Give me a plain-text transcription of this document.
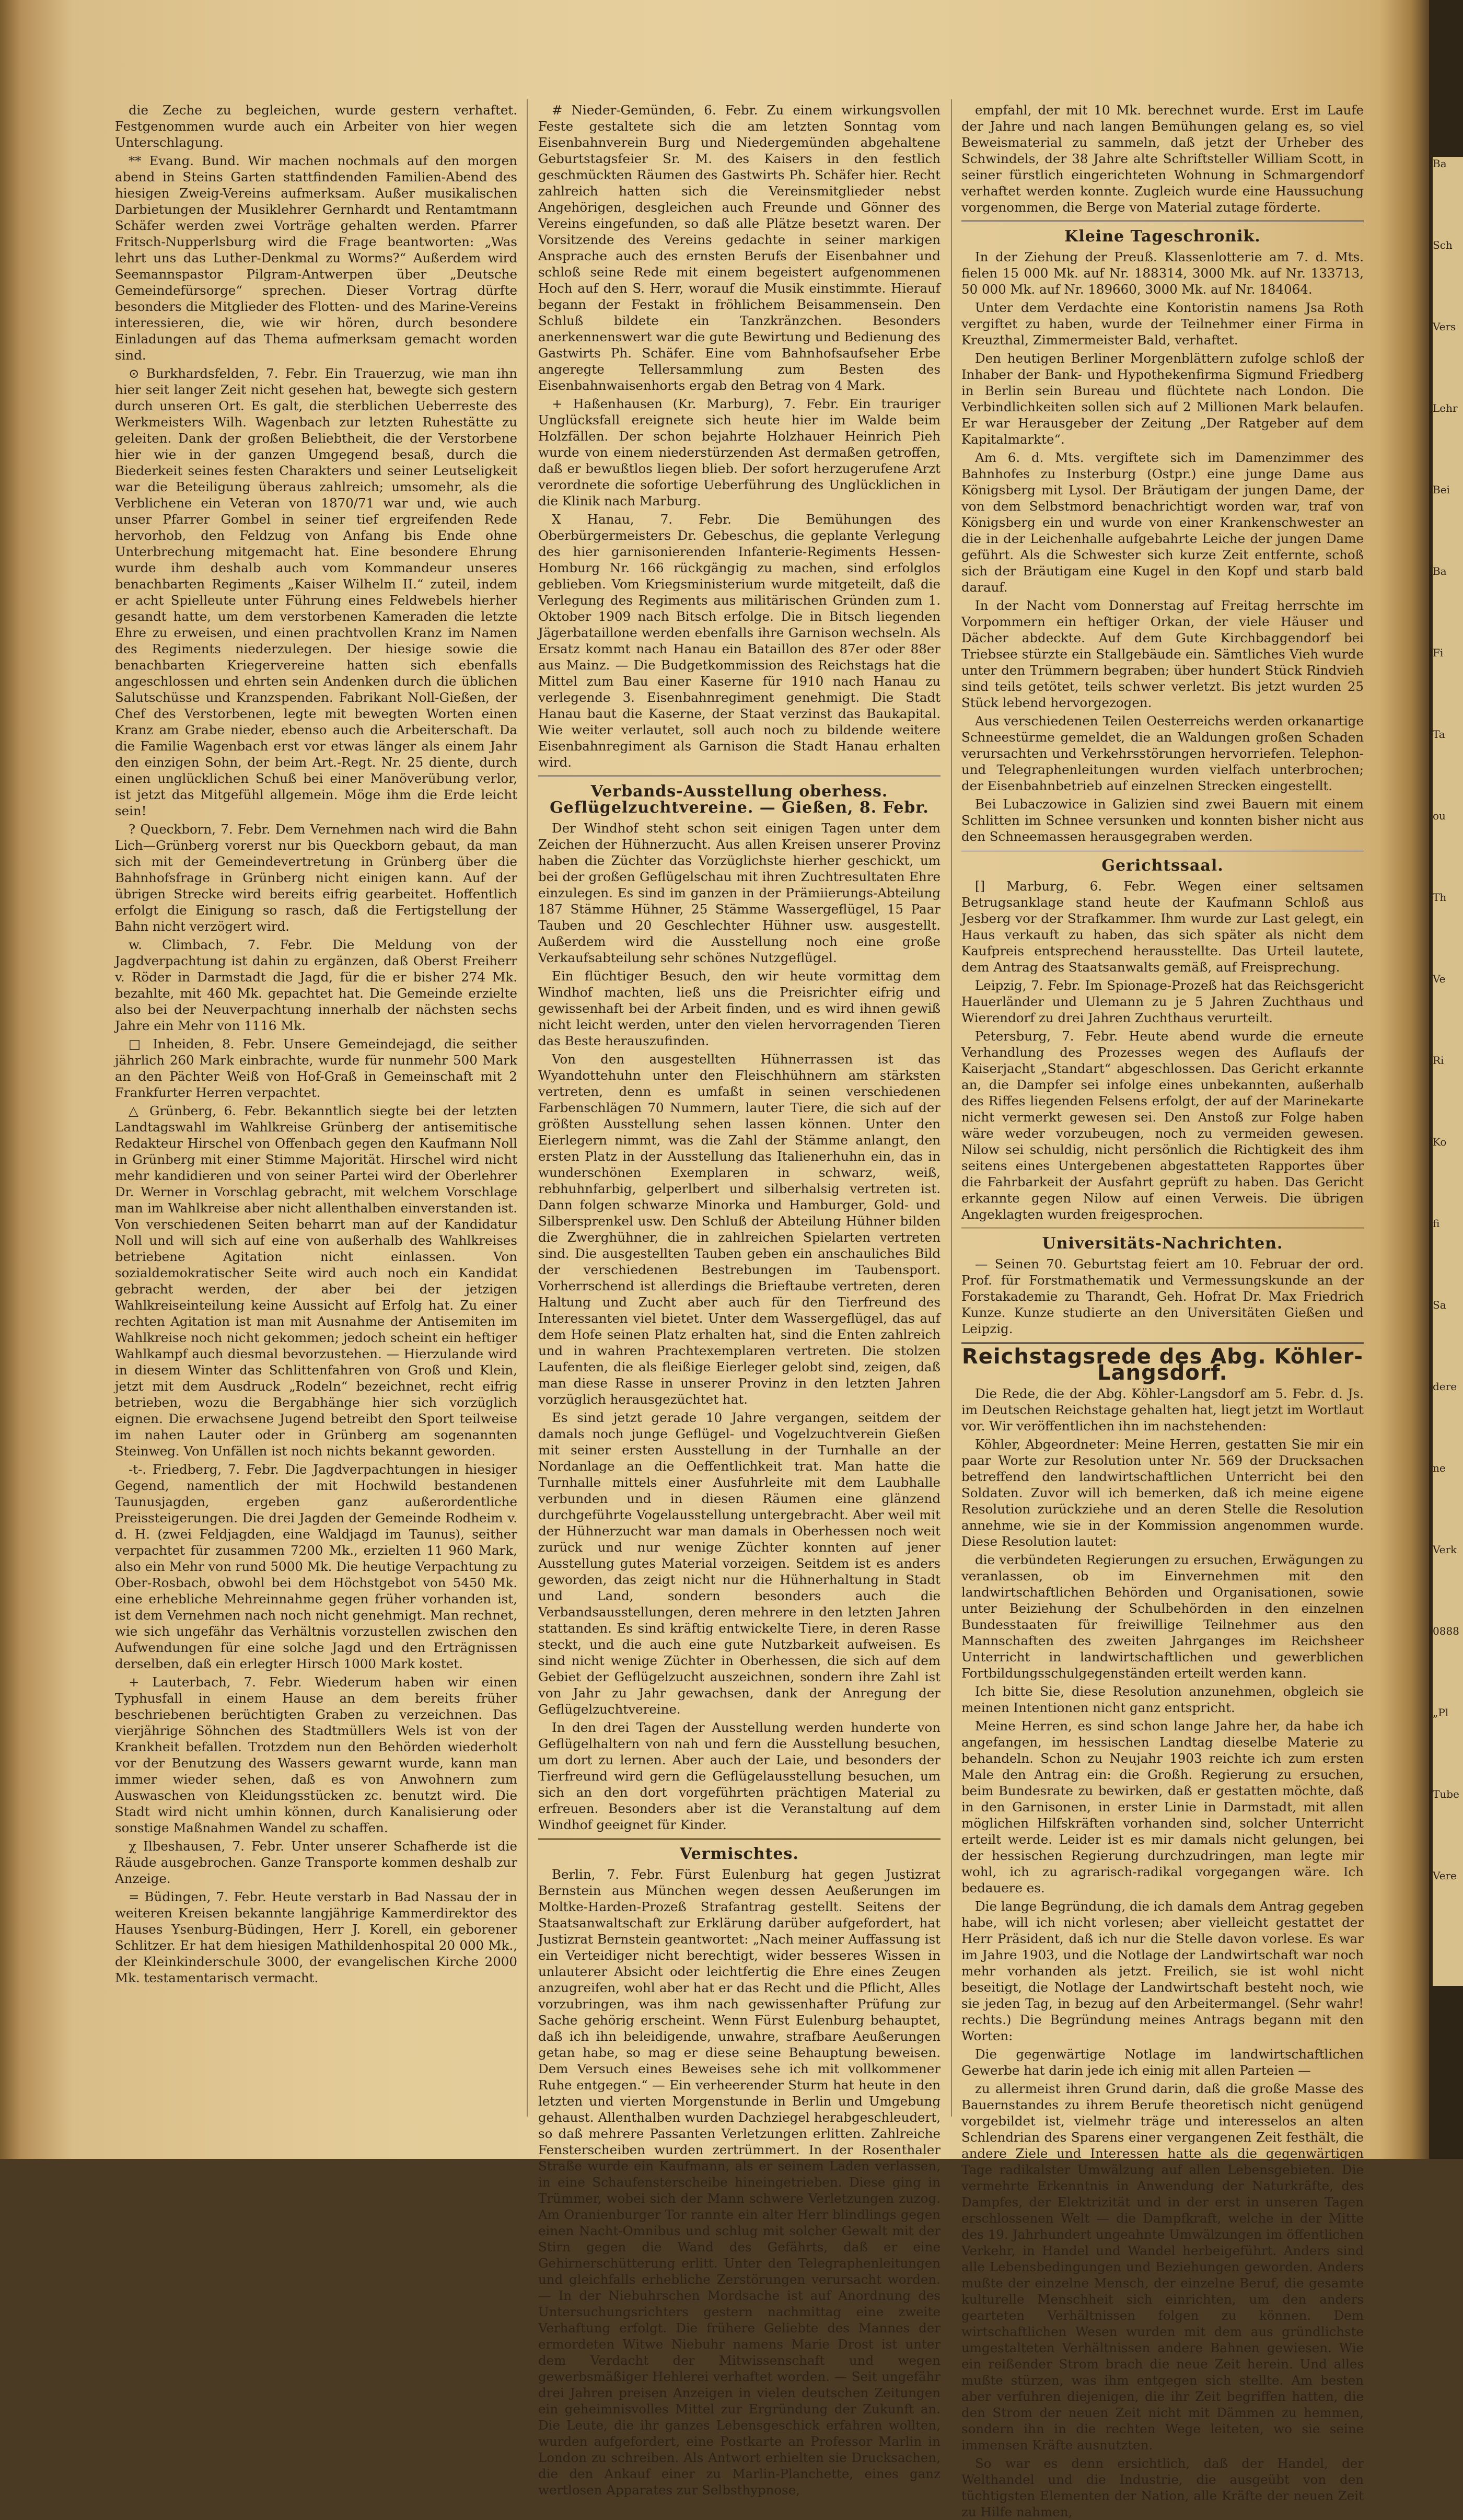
die Zeche zu begleichen, wurde gestern verhaftet. Festgenommen wurde auch ein Arbeiter von hier wegen Unterschlagung.

** Evang. Bund. Wir machen nochmals auf den morgen abend in Steins Garten stattfindenden Familien-Abend des hiesigen Zweig-Vereins aufmerksam. Außer musikalischen Darbietungen der Musiklehrer Gernhardt und Rentamtmann Schäfer werden zwei Vorträge gehalten werden. Pfarrer Fritsch-Nupperlsburg wird die Frage beantworten: „Was lehrt uns das Luther-Denkmal zu Worms?“ Außerdem wird Seemannspastor Pilgram-Antwerpen über „Deutsche Gemeindefürsorge“ sprechen. Dieser Vortrag dürfte besonders die Mitglieder des Flotten- und des Marine-Vereins interessieren, die, wie wir hören, durch besondere Einladungen auf das Thema aufmerksam gemacht worden sind.

⊙ Burkhardsfelden, 7. Febr. Ein Trauerzug, wie man ihn hier seit langer Zeit nicht gesehen hat, bewegte sich gestern durch unseren Ort. Es galt, die sterblichen Ueberreste des Werkmeisters Wilh. Wagenbach zur letzten Ruhestätte zu geleiten. Dank der großen Beliebtheit, die der Verstorbene hier wie in der ganzen Umgegend besaß, durch die Biederkeit seines festen Charakters und seiner Leutseligkeit war die Beteiligung überaus zahlreich; umsomehr, als die Verblichene ein Veteran von 1870/71 war und, wie auch unser Pfarrer Gombel in seiner tief ergreifenden Rede hervorhob, den Feldzug von Anfang bis Ende ohne Unterbrechung mitgemacht hat. Eine besondere Ehrung wurde ihm deshalb auch vom Kommandeur unseres benachbarten Regiments „Kaiser Wilhelm II.“ zuteil, indem er acht Spielleute unter Führung eines Feldwebels hierher gesandt hatte, um dem verstorbenen Kameraden die letzte Ehre zu erweisen, und einen prachtvollen Kranz im Namen des Regiments niederzulegen. Der hiesige sowie die benachbarten Kriegervereine hatten sich ebenfalls angeschlossen und ehrten sein Andenken durch die üblichen Salutschüsse und Kranzspenden. Fabrikant Noll-Gießen, der Chef des Verstorbenen, legte mit bewegten Worten einen Kranz am Grabe nieder, ebenso auch die Arbeiterschaft. Da die Familie Wagenbach erst vor etwas länger als einem Jahr den einzigen Sohn, der beim Art.-Regt. Nr. 25 diente, durch einen unglücklichen Schuß bei einer Manöverübung verlor, ist jetzt das Mitgefühl allgemein. Möge ihm die Erde leicht sein!

? Queckborn, 7. Febr. Dem Vernehmen nach wird die Bahn Lich—Grünberg vorerst nur bis Queckborn gebaut, da man sich mit der Gemeindevertretung in Grünberg über die Bahnhofsfrage in Grünberg nicht einigen kann. Auf der übrigen Strecke wird bereits eifrig gearbeitet. Hoffentlich erfolgt die Einigung so rasch, daß die Fertigstellung der Bahn nicht verzögert wird.

w. Climbach, 7. Febr. Die Meldung von der Jagdverpachtung ist dahin zu ergänzen, daß Oberst Freiherr v. Röder in Darmstadt die Jagd, für die er bisher 274 Mk. bezahlte, mit 460 Mk. gepachtet hat. Die Gemeinde erzielte also bei der Neuverpachtung innerhalb der nächsten sechs Jahre ein Mehr von 1116 Mk.

□ Inheiden, 8. Febr. Unsere Gemeindejagd, die seither jährlich 260 Mark einbrachte, wurde für nunmehr 500 Mark an den Pächter Weiß von Hof-Graß in Gemeinschaft mit 2 Frankfurter Herren verpachtet.

△ Grünberg, 6. Febr. Bekanntlich siegte bei der letzten Landtagswahl im Wahlkreise Grünberg der antisemitische Redakteur Hirschel von Offenbach gegen den Kaufmann Noll in Grünberg mit einer Stimme Majorität. Hirschel wird nicht mehr kandidieren und von seiner Partei wird der Oberlehrer Dr. Werner in Vorschlag gebracht, mit welchem Vorschlage man im Wahlkreise aber nicht allenthalben einverstanden ist. Von verschiedenen Seiten beharrt man auf der Kandidatur Noll und will sich auf eine von außerhalb des Wahlkreises betriebene Agitation nicht einlassen. Von sozialdemokratischer Seite wird auch noch ein Kandidat gebracht werden, der aber bei der jetzigen Wahlkreiseinteilung keine Aussicht auf Erfolg hat. Zu einer rechten Agitation ist man mit Ausnahme der Antisemiten im Wahlkreise noch nicht gekommen; jedoch scheint ein heftiger Wahlkampf auch diesmal bevorzustehen. — Hierzulande wird in diesem Winter das Schlittenfahren von Groß und Klein, jetzt mit dem Ausdruck „Rodeln“ bezeichnet, recht eifrig betrieben, wozu die Bergabhänge hier sich vorzüglich eignen. Die erwachsene Jugend betreibt den Sport teilweise im nahen Lauter oder in Grünberg am sogenannten Steinweg. Von Unfällen ist noch nichts bekannt geworden.

-t-. Friedberg, 7. Febr. Die Jagdverpachtungen in hiesiger Gegend, namentlich der mit Hochwild bestandenen Taunusjagden, ergeben ganz außerordentliche Preissteigerungen. Die drei Jagden der Gemeinde Rodheim v. d. H. (zwei Feldjagden, eine Waldjagd im Taunus), seither verpachtet für zusammen 7200 Mk., erzielten 11 960 Mark, also ein Mehr von rund 5000 Mk. Die heutige Verpachtung zu Ober-Rosbach, obwohl bei dem Höchstgebot von 5450 Mk. eine erhebliche Mehreinnahme gegen früher vorhanden ist, ist dem Vernehmen nach noch nicht genehmigt. Man rechnet, wie sich ungefähr das Verhältnis vorzustellen zwischen den Aufwendungen für eine solche Jagd und den Erträgnissen derselben, daß ein erlegter Hirsch 1000 Mark kostet.

+ Lauterbach, 7. Febr. Wiederum haben wir einen Typhusfall in einem Hause an dem bereits früher beschriebenen berüchtigten Graben zu verzeichnen. Das vierjährige Söhnchen des Stadtmüllers Wels ist von der Krankheit befallen. Trotzdem nun den Behörden wiederholt vor der Benutzung des Wassers gewarnt wurde, kann man immer wieder sehen, daß es von Anwohnern zum Auswaschen von Kleidungsstücken zc. benutzt wird. Die Stadt wird nicht umhin können, durch Kanalisierung oder sonstige Maßnahmen Wandel zu schaffen.

χ Ilbeshausen, 7. Febr. Unter unserer Schafherde ist die Räude ausgebrochen. Ganze Transporte kommen deshalb zur Anzeige.

= Büdingen, 7. Febr. Heute verstarb in Bad Nassau der in weiteren Kreisen bekannte langjährige Kammerdirektor des Hauses Ysenburg-Büdingen, Herr J. Korell, ein geborener Schlitzer. Er hat dem hiesigen Mathildenhospital 20 000 Mk., der Kleinkinderschule 3000, der evangelischen Kirche 2000 Mk. testamentarisch vermacht.

# Nieder-Gemünden, 6. Febr. Zu einem wirkungsvollen Feste gestaltete sich die am letzten Sonntag vom Eisenbahnverein Burg und Niedergemünden abgehaltene Geburtstagsfeier Sr. M. des Kaisers in den festlich geschmückten Räumen des Gastwirts Ph. Schäfer hier. Recht zahlreich hatten sich die Vereinsmitglieder nebst Angehörigen, desgleichen auch Freunde und Gönner des Vereins eingefunden, so daß alle Plätze besetzt waren. Der Vorsitzende des Vereins gedachte in seiner markigen Ansprache auch des ernsten Berufs der Eisenbahner und schloß seine Rede mit einem begeistert aufgenommenen Hoch auf den S. Herr, worauf die Musik einstimmte. Hierauf begann der Festakt in fröhlichem Beisammensein. Den Schluß bildete ein Tanzkränzchen. Besonders anerkennenswert war die gute Bewirtung und Bedienung des Gastwirts Ph. Schäfer. Eine vom Bahnhofsaufseher Erbe angeregte Tellersammlung zum Besten des Eisenbahnwaisenhorts ergab den Betrag von 4 Mark.

+ Haßenhausen (Kr. Marburg), 7. Febr. Ein trauriger Unglücksfall ereignete sich heute hier im Walde beim Holzfällen. Der schon bejahrte Holzhauer Heinrich Pieh wurde von einem niederstürzenden Ast dermaßen getroffen, daß er bewußtlos liegen blieb. Der sofort herzugerufene Arzt verordnete die sofortige Ueberführung des Unglücklichen in die Klinik nach Marburg.

X Hanau, 7. Febr. Die Bemühungen des Oberbürgermeisters Dr. Gebeschus, die geplante Verlegung des hier garnisonierenden Infanterie-Regiments Hessen-Homburg Nr. 166 rückgängig zu machen, sind erfolglos geblieben. Vom Kriegsministerium wurde mitgeteilt, daß die Verlegung des Regiments aus militärischen Gründen zum 1. Oktober 1909 nach Bitsch erfolge. Die in Bitsch liegenden Jägerbataillone werden ebenfalls ihre Garnison wechseln. Als Ersatz kommt nach Hanau ein Bataillon des 87er oder 88er aus Mainz. — Die Budgetkommission des Reichstags hat die Mittel zum Bau einer Kaserne für 1910 nach Hanau zu verlegende 3. Eisenbahnregiment genehmigt. Die Stadt Hanau baut die Kaserne, der Staat verzinst das Baukapital. Wie weiter verlautet, soll auch noch zu bildende weitere Eisenbahnregiment als Garnison die Stadt Hanau erhalten wird.

Verbands-Ausstellung oberhess. Geflügelzuchtvereine. — Gießen, 8. Febr.

Der Windhof steht schon seit einigen Tagen unter dem Zeichen der Hühnerzucht. Aus allen Kreisen unserer Provinz haben die Züchter das Vorzüglichste hierher geschickt, um bei der großen Geflügelschau mit ihren Zuchtresultaten Ehre einzulegen. Es sind im ganzen in der Prämiierungs-Abteilung 187 Stämme Hühner, 25 Stämme Wassergeflügel, 15 Paar Tauben und 20 Geschlechter Hühner usw. ausgestellt. Außerdem wird die Ausstellung noch eine große Verkaufsabteilung sehr schönes Nutzgeflügel.

Ein flüchtiger Besuch, den wir heute vormittag dem Windhof machten, ließ uns die Preisrichter eifrig und gewissenhaft bei der Arbeit finden, und es wird ihnen gewiß nicht leicht werden, unter den vielen hervorragenden Tieren das Beste herauszufinden.

Von den ausgestellten Hühnerrassen ist das Wyandottehuhn unter den Fleischhühnern am stärksten vertreten, denn es umfaßt in seinen verschiedenen Farbenschlägen 70 Nummern, lauter Tiere, die sich auf der größten Ausstellung sehen lassen können. Unter den Eierlegern nimmt, was die Zahl der Stämme anlangt, den ersten Platz in der Ausstellung das Italienerhuhn ein, das in wunderschönen Exemplaren in schwarz, weiß, rebhuhnfarbig, gelperlbert und silberhalsig vertreten ist. Dann folgen schwarze Minorka und Hamburger, Gold- und Silbersprenkel usw. Den Schluß der Abteilung Hühner bilden die Zwerghühner, die in zahlreichen Spielarten vertreten sind. Die ausgestellten Tauben geben ein anschauliches Bild der verschiedenen Bestrebungen im Taubensport. Vorherrschend ist allerdings die Brieftaube vertreten, deren Haltung und Zucht aber auch für den Tierfreund des Interessanten viel bietet. Unter dem Wassergeflügel, das auf dem Hofe seinen Platz erhalten hat, sind die Enten zahlreich und in wahren Prachtexemplaren vertreten. Die stolzen Laufenten, die als fleißige Eierleger gelobt sind, zeigen, daß man diese Rasse in unserer Provinz in den letzten Jahren vorzüglich herausgezüchtet hat.

Es sind jetzt gerade 10 Jahre vergangen, seitdem der damals noch junge Geflügel- und Vogelzuchtverein Gießen mit seiner ersten Ausstellung in der Turnhalle an der Nordanlage an die Oeffentlichkeit trat. Man hatte die Turnhalle mittels einer Ausfuhrleite mit dem Laubhalle verbunden und in diesen Räumen eine glänzend durchgeführte Vogelausstellung untergebracht. Aber weil mit der Hühnerzucht war man damals in Oberhessen noch weit zurück und nur wenige Züchter konnten auf jener Ausstellung gutes Material vorzeigen. Seitdem ist es anders geworden, das zeigt nicht nur die Hühnerhaltung in Stadt und Land, sondern besonders auch die Verbandsausstellungen, deren mehrere in den letzten Jahren stattanden. Es sind kräftig entwickelte Tiere, in deren Rasse steckt, und die auch eine gute Nutzbarkeit aufweisen. Es sind nicht wenige Züchter in Oberhessen, die sich auf dem Gebiet der Geflügelzucht auszeichnen, sondern ihre Zahl ist von Jahr zu Jahr gewachsen, dank der Anregung der Geflügelzuchtvereine.

In den drei Tagen der Ausstellung werden hunderte von Geflügelhaltern von nah und fern die Ausstellung besuchen, um dort zu lernen. Aber auch der Laie, und besonders der Tierfreund wird gern die Geflügelausstellung besuchen, um sich an den dort vorgeführten prächtigen Material zu erfreuen. Besonders aber ist die Veranstaltung auf dem Windhof geeignet für Kinder.

Vermischtes.

Berlin, 7. Febr. Fürst Eulenburg hat gegen Justizrat Bernstein aus München wegen dessen Aeußerungen im Moltke-Harden-Prozeß Strafantrag gestellt. Seitens der Staatsanwaltschaft zur Erklärung darüber aufgefordert, hat Justizrat Bernstein geantwortet: „Nach meiner Auffassung ist ein Verteidiger nicht berechtigt, wider besseres Wissen in unlauterer Absicht oder leichtfertig die Ehre eines Zeugen anzugreifen, wohl aber hat er das Recht und die Pflicht, Alles vorzubringen, was ihm nach gewissenhafter Prüfung zur Sache gehörig erscheint. Wenn Fürst Eulenburg behauptet, daß ich ihn beleidigende, unwahre, strafbare Aeußerungen getan habe, so mag er diese seine Behauptung beweisen. Dem Versuch eines Beweises sehe ich mit vollkommener Ruhe entgegen.“ — Ein verheerender Sturm hat heute in den letzten und vierten Morgenstunde in Berlin und Umgebung gehaust. Allenthalben wurden Dachziegel herabgeschleudert, so daß mehrere Passanten Verletzungen erlitten. Zahlreiche Fensterscheiben wurden zertrümmert. In der Rosenthaler Straße wurde ein Kaufmann, als er seinem Laden verlassen, in eine Schaufensterscheibe hineingetrieben. Diese ging in Trümmer, wobei sich der Mann schwere Verletzungen zuzog. Am Oranienburger Tor rannte ein alter Herr blindlings gegen einen Nacht-Omnibus und schlug mit solcher Gewalt mit der Stirn gegen die Wand des Gefährts, daß er eine Gehirnerschütterung erlitt. Unter den Telegraphenleitungen und gleichfalls erhebliche Zerstörungen verursacht worden. — In der Niebuhrschen Mordsache ist auf Anordnung des Untersuchungsrichters gestern nachmittag eine zweite Verhaftung erfolgt. Die frühere Geliebte des Mannes der ermordeten Witwe Niebuhr namens Marie Drost ist unter dem Verdacht der Mitwissenschaft und wegen gewerbsmäßiger Hehlerei verhaftet worden. — Seit ungefähr drei Jahren preisen Anzeigen in vielen deutschen Zeitungen ein geheimnisvolles Mittel zur Ergründung der Zukunft an. Die Leute, die ihr ganzes Lebensgeschick erfahren wollten, wurden aufgefordert, eine Postkarte an Professor Marlin in London zu schreiben. Als Antwort erhielten sie Drucksachen, die den Ankauf einer zu Marlin-Planchette, eines ganz wertlosen Apparates zur Selbsthypnose,

empfahl, der mit 10 Mk. berechnet wurde. Erst im Laufe der Jahre und nach langen Bemühungen gelang es, so viel Beweismaterial zu sammeln, daß jetzt der Urheber des Schwindels, der 38 Jahre alte Schriftsteller William Scott, in seiner fürstlich eingerichteten Wohnung in Schmargendorf verhaftet werden konnte. Zugleich wurde eine Haussuchung vorgenommen, die Berge von Material zutage förderte.

Kleine Tageschronik.

In der Ziehung der Preuß. Klassenlotterie am 7. d. Mts. fielen 15 000 Mk. auf Nr. 188314, 3000 Mk. auf Nr. 133713, 50 000 Mk. auf Nr. 189660, 3000 Mk. auf Nr. 184064.

Unter dem Verdachte eine Kontoristin namens Jsa Roth vergiftet zu haben, wurde der Teilnehmer einer Firma in Kreuzthal, Zimmermeister Bald, verhaftet.

Den heutigen Berliner Morgenblättern zufolge schloß der Inhaber der Bank- und Hypothekenfirma Sigmund Friedberg in Berlin sein Bureau und flüchtete nach London. Die Verbindlichkeiten sollen sich auf 2 Millionen Mark belaufen. Er war Herausgeber der Zeitung „Der Ratgeber auf dem Kapitalmarkte“.

Am 6. d. Mts. vergiftete sich im Damenzimmer des Bahnhofes zu Insterburg (Ostpr.) eine junge Dame aus Königsberg mit Lysol. Der Bräutigam der jungen Dame, der von dem Selbstmord benachrichtigt worden war, traf von Königsberg ein und wurde von einer Krankenschwester an die in der Leichenhalle aufgebahrte Leiche der jungen Dame geführt. Als die Schwester sich kurze Zeit entfernte, schoß sich der Bräutigam eine Kugel in den Kopf und starb bald darauf.

In der Nacht vom Donnerstag auf Freitag herrschte im Vorpommern ein heftiger Orkan, der viele Häuser und Dächer abdeckte. Auf dem Gute Kirchbaggendorf bei Triebsee stürzte ein Stallgebäude ein. Sämtliches Vieh wurde unter den Trümmern begraben; über hundert Stück Rindvieh sind teils getötet, teils schwer verletzt. Bis jetzt wurden 25 Stück lebend hervorgezogen.

Aus verschiedenen Teilen Oesterreichs werden orkanartige Schneestürme gemeldet, die an Waldungen großen Schaden verursachten und Verkehrsstörungen hervorriefen. Telephon- und Telegraphenleitungen wurden vielfach unterbrochen; der Eisenbahnbetrieb auf einzelnen Strecken eingestellt.

Bei Lubaczowice in Galizien sind zwei Bauern mit einem Schlitten im Schnee versunken und konnten bisher nicht aus den Schneemassen herausgegraben werden.

Gerichtssaal.

[] Marburg, 6. Febr. Wegen einer seltsamen Betrugsanklage stand heute der Kaufmann Schloß aus Jesberg vor der Strafkammer. Ihm wurde zur Last gelegt, ein Haus verkauft zu haben, das sich später als nicht dem Kaufpreis entsprechend herausstellte. Das Urteil lautete, dem Antrag des Staatsanwalts gemäß, auf Freisprechung.

Leipzig, 7. Febr. Im Spionage-Prozeß hat das Reichsgericht Hauerländer und Ulemann zu je 5 Jahren Zuchthaus und Wierendorf zu drei Jahren Zuchthaus verurteilt.

Petersburg, 7. Febr. Heute abend wurde die erneute Verhandlung des Prozesses wegen des Auflaufs der Kaiserjacht „Standart“ abgeschlossen. Das Gericht erkannte an, die Dampfer sei infolge eines unbekannten, außerhalb des Riffes liegenden Felsens erfolgt, der auf der Marinekarte nicht vermerkt gewesen sei. Den Anstoß zur Folge haben wäre weder vorzubeugen, noch zu vermeiden gewesen. Nilow sei schuldig, nicht persönlich die Richtigkeit des ihm seitens eines Untergebenen abgestatteten Rapportes über die Fahrbarkeit der Ausfahrt geprüft zu haben. Das Gericht erkannte gegen Nilow auf einen Verweis. Die übrigen Angeklagten wurden freigesprochen.

Universitäts-Nachrichten.

— Seinen 70. Geburtstag feiert am 10. Februar der ord. Prof. für Forstmathematik und Vermessungskunde an der Forstakademie zu Tharandt, Geh. Hofrat Dr. Max Friedrich Kunze. Kunze studierte an den Universitäten Gießen und Leipzig.

Reichstagsrede des Abg. Köhler-Langsdorf.

Die Rede, die der Abg. Köhler-Langsdorf am 5. Febr. d. Js. im Deutschen Reichstage gehalten hat, liegt jetzt im Wortlaut vor. Wir veröffentlichen ihn im nachstehenden:

Köhler, Abgeordneter: Meine Herren, gestatten Sie mir ein paar Worte zur Resolution unter Nr. 569 der Drucksachen betreffend den landwirtschaftlichen Unterricht bei den Soldaten. Zuvor will ich bemerken, daß ich meine eigene Resolution zurückziehe und an deren Stelle die Resolution annehme, wie sie in der Kommission angenommen wurde. Diese Resolution lautet:

die verbündeten Regierungen zu ersuchen, Erwägungen zu veranlassen, ob im Einvernehmen mit den landwirtschaftlichen Behörden und Organisationen, sowie unter Beiziehung der Schulbehörden in den einzelnen Bundesstaaten für freiwillige Teilnehmer aus den Mannschaften des zweiten Jahrganges im Reichsheer Unterricht in landwirtschaftlichen und gewerblichen Fortbildungsschulgegenständen erteilt werden kann.

Ich bitte Sie, diese Resolution anzunehmen, obgleich sie meinen Intentionen nicht ganz entspricht.

Meine Herren, es sind schon lange Jahre her, da habe ich angefangen, im hessischen Landtag dieselbe Materie zu behandeln. Schon zu Neujahr 1903 reichte ich zum ersten Male den Antrag ein: die Großh. Regierung zu ersuchen, beim Bundesrate zu bewirken, daß er gestatten möchte, daß in den Garnisonen, in erster Linie in Darmstadt, mit allen möglichen Hilfskräften vorhanden sind, solcher Unterricht erteilt werde. Leider ist es mir damals nicht gelungen, bei der hessischen Regierung durchzudringen, man legte mir wohl, ich zu agrarisch-radikal vorgegangen wäre. Ich bedauere es.

Die lange Begründung, die ich damals dem Antrag gegeben habe, will ich nicht vorlesen; aber vielleicht gestattet der Herr Präsident, daß ich nur die Stelle davon vorlese. Es war im Jahre 1903, und die Notlage der Landwirtschaft war noch mehr vorhanden als jetzt. Freilich, sie ist wohl nicht beseitigt, die Notlage der Landwirtschaft besteht noch, wie sie jeden Tag, in bezug auf den Arbeitermangel. (Sehr wahr! rechts.) Die Begründung meines Antrags begann mit den Worten:

Die gegenwärtige Notlage im landwirtschaftlichen Gewerbe hat darin jede ich einig mit allen Parteien —

zu allermeist ihren Grund darin, daß die große Masse des Bauernstandes zu ihrem Berufe theoretisch nicht genügend vorgebildet ist, vielmehr träge und interesselos an alten Schlendrian des Sparens einer vergangenen Zeit festhält, die andere Ziele und Interessen hatte als die gegenwärtigen Tage radikalster Umwälzung auf allen Lebensgebieten. Die vermehrte Erkenntnis in Anwendung der Naturkräfte, des Dampfes, der Elektrizität und in der erst in unseren Tagen erschlossenen Welt — die Dampfkraft, welche in der Mitte des 19. Jahrhundert ungeahnte Umwälzungen im öffentlichen Verkehr, in Handel und Wandel herbeigeführt. Anders sind alle Lebensbedingungen und Beziehungen geworden. Anders mußte der einzelne Mensch, der einzelne Beruf, die gesamte kulturelle Menschheit sich einrichten, um den anders gearteten Verhältnissen folgen zu können. Dem wirtschaftlichen Wesen wurden mit dem aus gründlichste umgestalteten Verhältnissen andere Bahnen gewiesen. Wie ein reißender Strom brach die neue Zeit herein. Und alles mußte stürzen, was ihm entgegen sich stellte. Am besten aber verfuhren diejenigen, die ihr Zeit begriffen hatten, die den Strom der neuen Zeit nicht mit Dämmen zu hemmen, sondern ihn in die rechten Wege leiteten, wo sie seine immensen Kräfte ausnutzten.

So war es denn ersichtlich, daß der Handel, der Welthandel und die Industrie, die ausgeübt von den tüchtigsten Elementen der Nation, alle Kräfte der neuen Zeit zu Hilfe nahmen,

Ba
Sch
Vers
Lehr
Bei
Ba
Fi
Ta
ou
Th
Ve
Ri
Ko
fi
Sa
dere
ne
Verk
0888
„Pl
Tube
Vere
